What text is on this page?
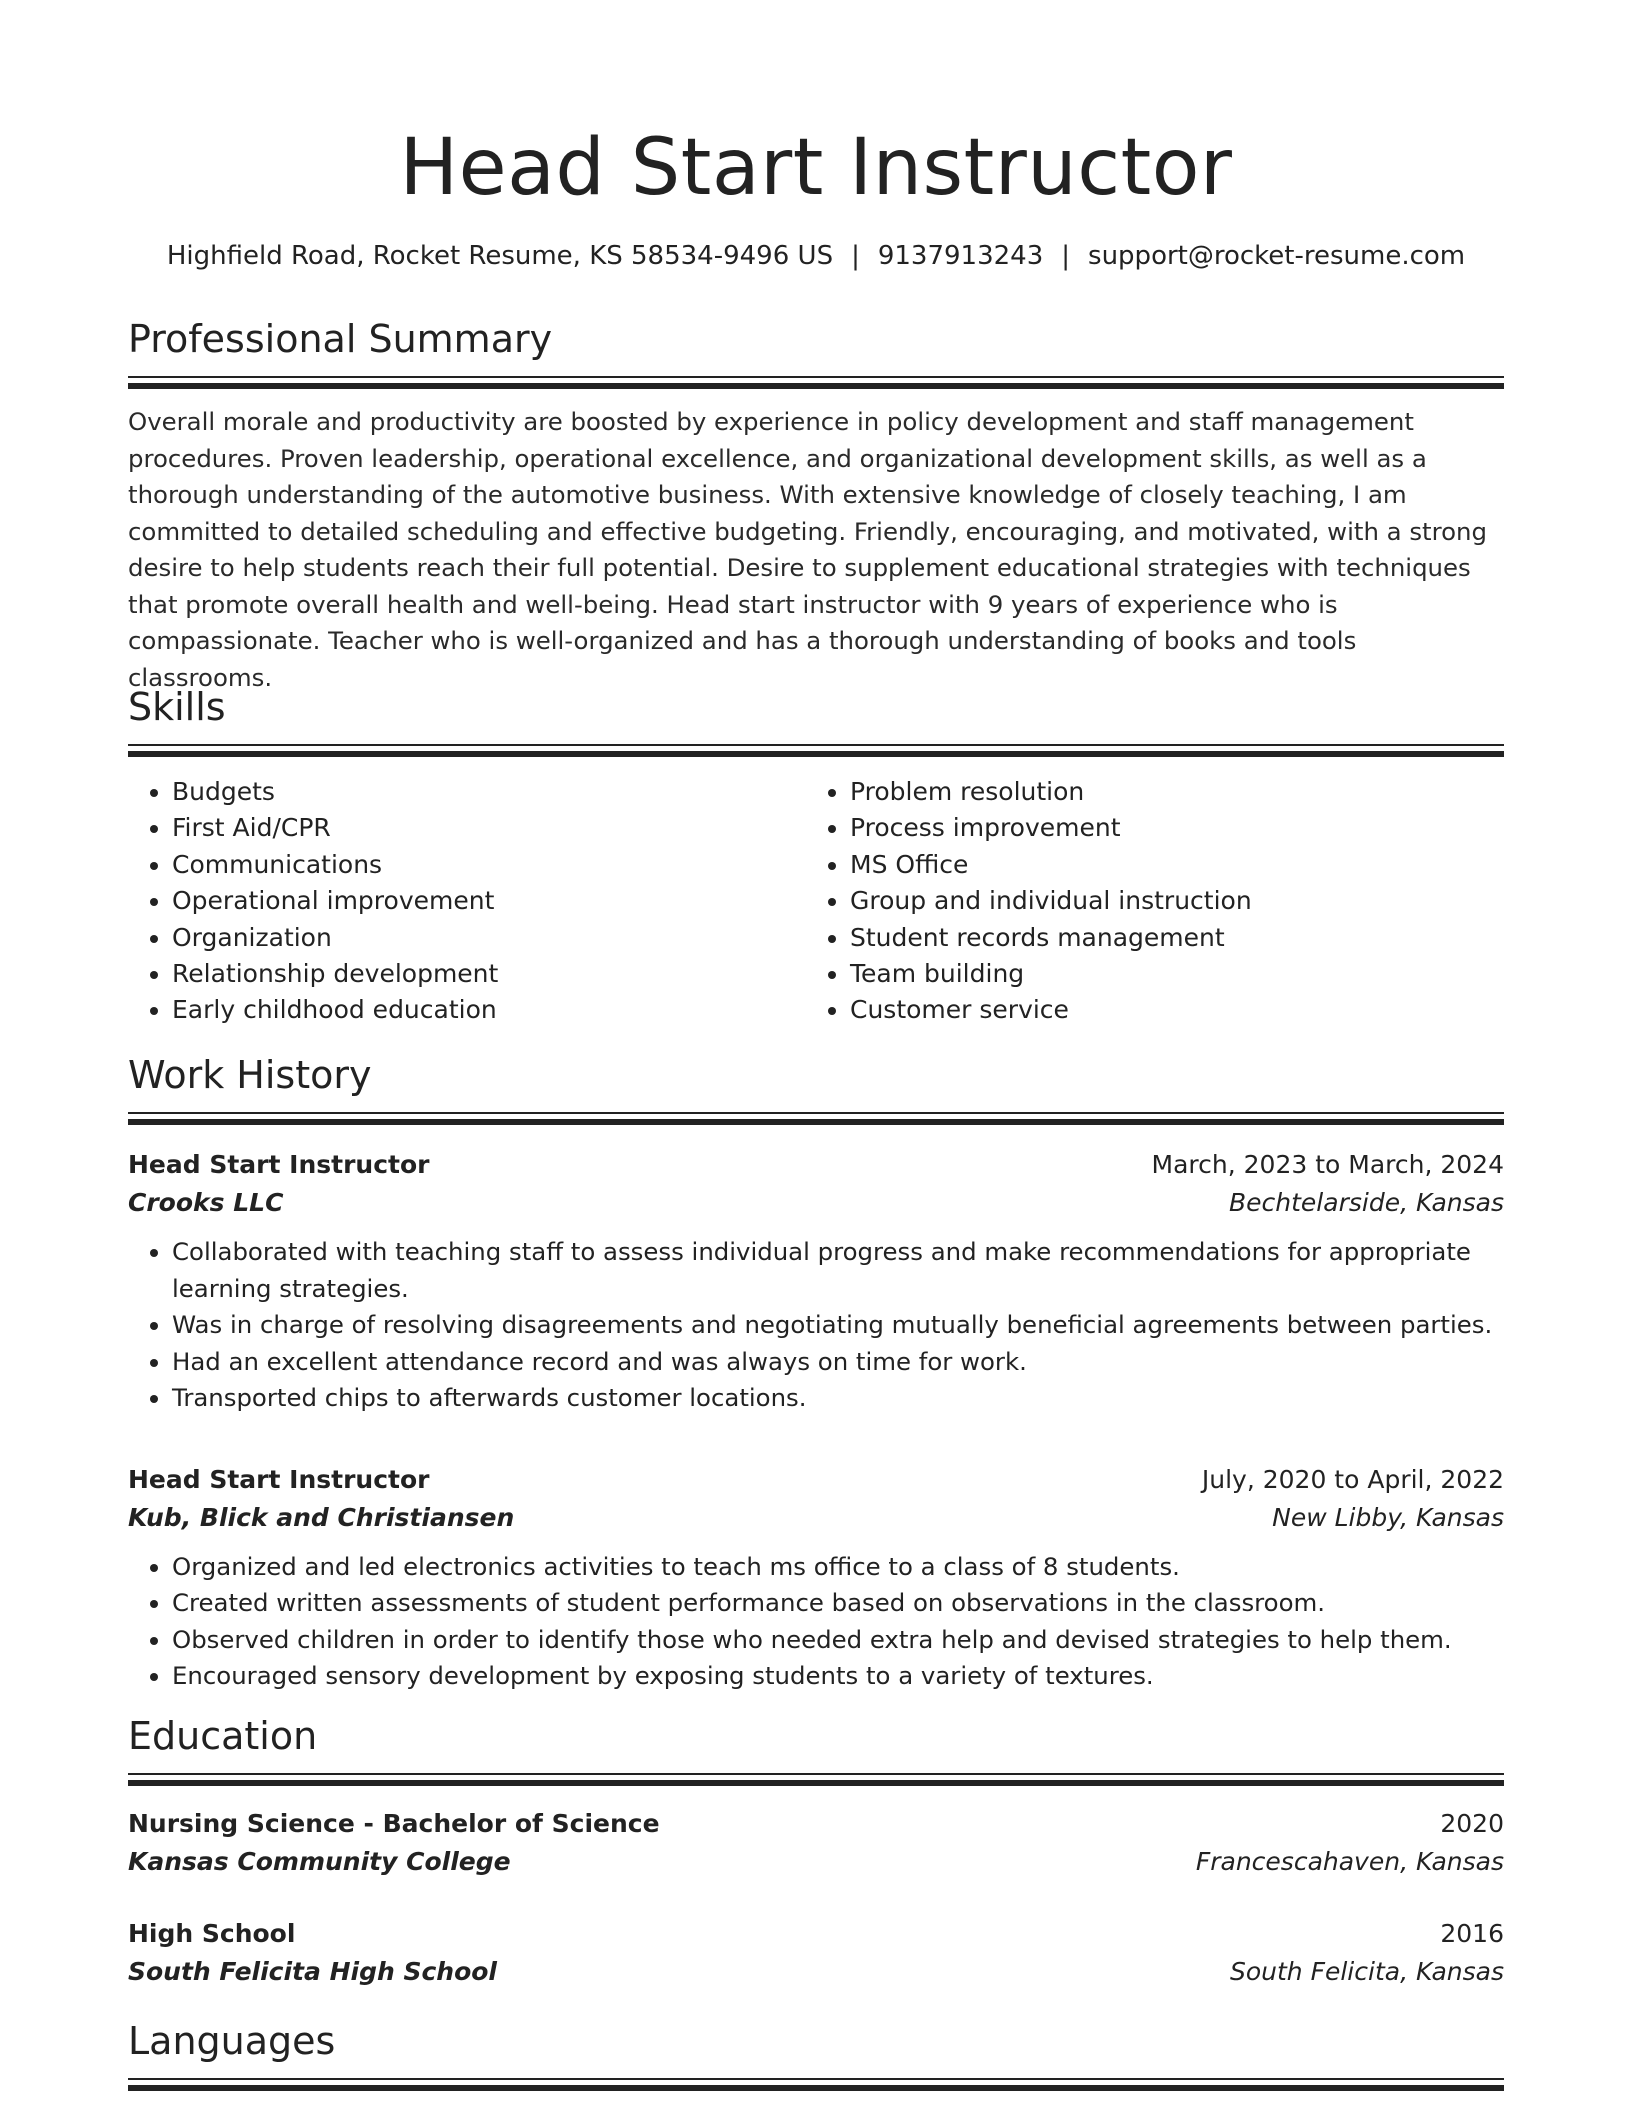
Head Start Instructor
Highfield Road, Rocket Resume, KS 58534-9496 US | 9137913243 | support@rocket-resume.com
Professional Summary

Overall morale and productivity are boosted by experience in policy development and staff management procedures. Proven leadership, operational excellence, and organizational development skills, as well as a thorough understanding of the automotive business. With extensive knowledge of closely teaching, I am committed to detailed scheduling and effective budgeting. Friendly, encouraging, and motivated, with a strong desire to help students reach their full potential. Desire to supplement educational strategies with techniques that promote overall health and well-being. Head start instructor with 9 years of experience who is compassionate. Teacher who is well-organized and has a thorough understanding of books and tools classrooms.

Skills
• Budgets
• First Aid/CPR
• Communications
• Operational improvement
• Organization
• Relationship development
• Early childhood education
• Problem resolution
• Process improvement
• MS Office
• Group and individual instruction
• Student records management
• Team building
• Customer service
Work History
Head Start Instructor	March, 2023 to March, 2024
Crooks LLC	Bechtelarside, Kansas
• Collaborated with teaching staff to assess individual progress and make recommendations for appropriate learning strategies.
• Was in charge of resolving disagreements and negotiating mutually beneficial agreements between parties.
• Had an excellent attendance record and was always on time for work.
• Transported chips to afterwards customer locations.
Head Start Instructor	July, 2020 to April, 2022
Kub, Blick and Christiansen	New Libby, Kansas
• Organized and led electronics activities to teach ms office to a class of 8 students.
• Created written assessments of student performance based on observations in the classroom.
• Observed children in order to identify those who needed extra help and devised strategies to help them.
• Encouraged sensory development by exposing students to a variety of textures.
Education
Nursing Science - Bachelor of Science	2020
Kansas Community College	Francescahaven, Kansas
High School	2016
South Felicita High School	South Felicita, Kansas
Languages
